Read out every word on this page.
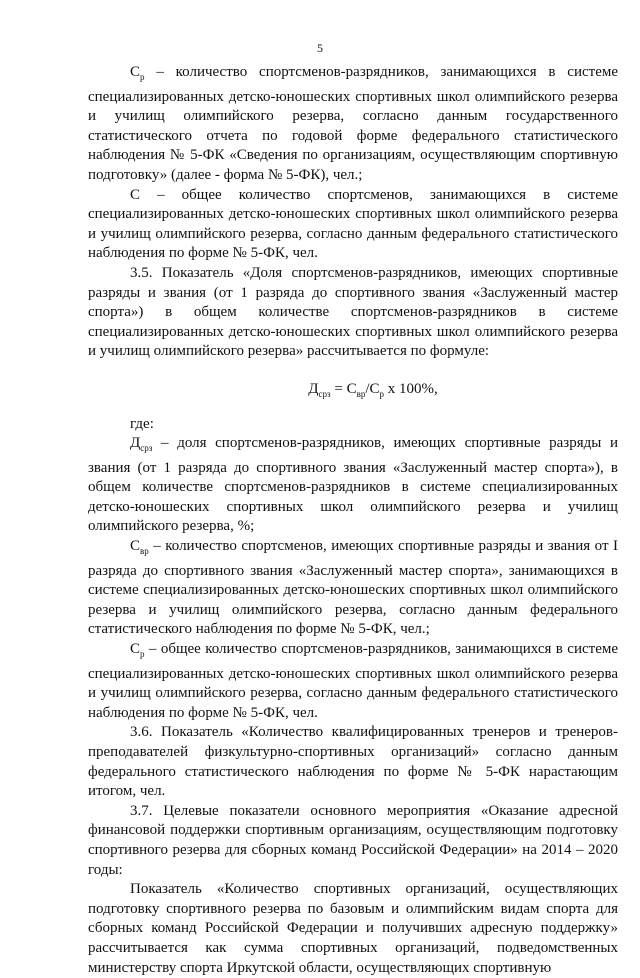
5

$С_р$ – количество спортсменов-разрядников, занимающихся в системе специализированных детско-юношеских спортивных школ олимпийского резерва и училищ олимпийского резерва, согласно данным государственного статистического отчета по годовой форме федерального статистического наблюдения № 5-ФК «Сведения по организациям, осуществляющим спортивную подготовку» (далее - форма № 5-ФК), чел.;

С – общее количество спортсменов, занимающихся в системе специализированных детско-юношеских спортивных школ олимпийского резерва и училищ олимпийского резерва, согласно данным федерального статистического наблюдения по форме № 5-ФК, чел.

3.5. Показатель «Доля спортсменов-разрядников, имеющих спортивные разряды и звания (от 1 разряда до спортивного звания «Заслуженный мастер спорта») в общем количестве спортсменов-разрядников в системе специализированных детско-юношеских спортивных школ олимпийского резерва и училищ олимпийского резерва» рассчитывается по формуле:

$Д_{срз} = С_{вр}/С_р$ х 100%,

где:

$Д_{срз}$ – доля спортсменов-разрядников, имеющих спортивные разряды и звания (от 1 разряда до спортивного звания «Заслуженный мастер спорта»), в общем количестве спортсменов-разрядников в системе специализированных детско-юношеских спортивных школ олимпийского резерва и училищ олимпийского резерва, %;

$С_{вр}$ – количество спортсменов, имеющих спортивные разряды и звания от I разряда до спортивного звания «Заслуженный мастер спорта», занимающихся в системе специализированных детско-юношеских спортивных школ олимпийского резерва и училищ олимпийского резерва, согласно данным федерального статистического наблюдения по форме № 5-ФК, чел.;

$С_р$ – общее количество спортсменов-разрядников, занимающихся в системе специализированных детско-юношеских спортивных школ олимпийского резерва и училищ олимпийского резерва, согласно данным федерального статистического наблюдения по форме № 5-ФК, чел.

3.6. Показатель «Количество квалифицированных тренеров и тренеров-преподавателей физкультурно-спортивных организаций» согласно данным федерального статистического наблюдения по форме № 5-ФК нарастающим итогом, чел.

3.7. Целевые показатели основного мероприятия «Оказание адресной финансовой поддержки спортивным организациям, осуществляющим подготовку спортивного резерва для сборных команд Российской Федерации» на 2014 – 2020 годы:

Показатель «Количество спортивных организаций, осуществляющих подготовку спортивного резерва по базовым и олимпийским видам спорта для сборных команд Российской Федерации и получивших адресную поддержку» рассчитывается как сумма спортивных организаций, подведомственных министерству спорта Иркутской области, осуществляющих спортивную
